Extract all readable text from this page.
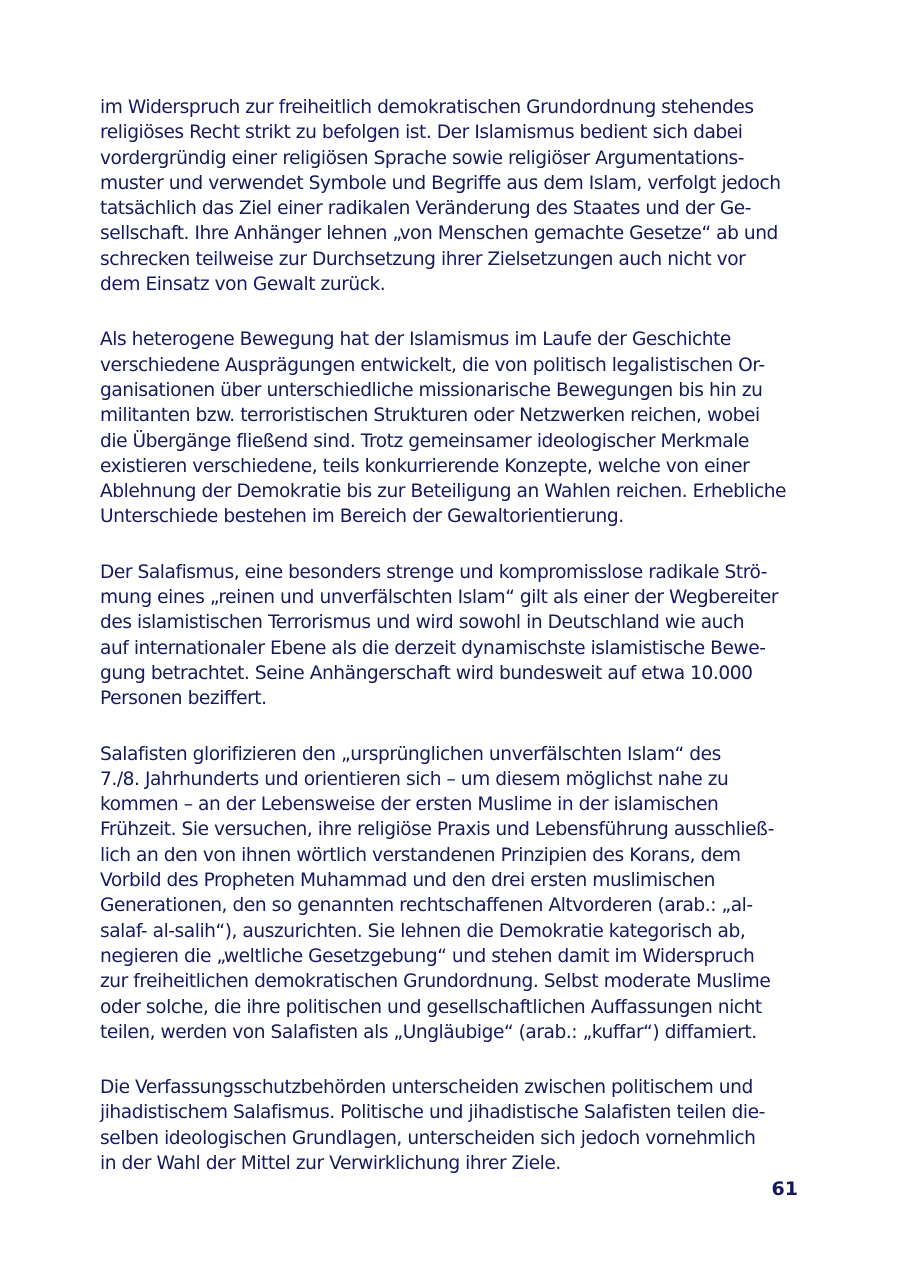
im Widerspruch zur freiheitlich demokratischen Grundordnung stehendes
religiöses Recht strikt zu befolgen ist. Der Islamismus bedient sich dabei
vordergründig einer religiösen Sprache sowie religiöser Argumentations-
muster und verwendet Symbole und Begriffe aus dem Islam, verfolgt jedoch
tatsächlich das Ziel einer radikalen Veränderung des Staates und der Ge-
sellschaft. Ihre Anhänger lehnen „von Menschen gemachte Gesetze“ ab und
schrecken teilweise zur Durchsetzung ihrer Zielsetzungen auch nicht vor
dem Einsatz von Gewalt zurück.

Als heterogene Bewegung hat der Islamismus im Laufe der Geschichte
verschiedene Ausprägungen entwickelt, die von politisch legalistischen Or-
ganisationen über unterschiedliche missionarische Bewegungen bis hin zu
militanten bzw. terroristischen Strukturen oder Netzwerken reichen, wobei
die Übergänge fließend sind. Trotz gemeinsamer ideologischer Merkmale
existieren verschiedene, teils konkurrierende Konzepte, welche von einer
Ablehnung der Demokratie bis zur Beteiligung an Wahlen reichen. Erhebliche
Unterschiede bestehen im Bereich der Gewaltorientierung.

Der Salafismus, eine besonders strenge und kompromisslose radikale Strö-
mung eines „reinen und unverfälschten Islam“ gilt als einer der Wegbereiter
des islamistischen Terrorismus und wird sowohl in Deutschland wie auch
auf internationaler Ebene als die derzeit dynamischste islamistische Bewe-
gung betrachtet. Seine Anhängerschaft wird bundesweit auf etwa 10.000
Personen beziffert.

Salafisten glorifizieren den „ursprünglichen unverfälschten Islam“ des
7./8. Jahrhunderts und orientieren sich – um diesem möglichst nahe zu
kommen – an der Lebensweise der ersten Muslime in der islamischen
Frühzeit. Sie versuchen, ihre religiöse Praxis und Lebensführung ausschließ-
lich an den von ihnen wörtlich verstandenen Prinzipien des Korans, dem
Vorbild des Propheten Muhammad und den drei ersten muslimischen
Generationen, den so genannten rechtschaffenen Altvorderen (arab.: „al-
salaf- al-salih“), auszurichten. Sie lehnen die Demokratie kategorisch ab,
negieren die „weltliche Gesetzgebung“ und stehen damit im Widerspruch
zur freiheitlichen demokratischen Grundordnung. Selbst moderate Muslime
oder solche, die ihre politischen und gesellschaftlichen Auffassungen nicht
teilen, werden von Salafisten als „Ungläubige“ (arab.: „kuffar“) diffamiert.

Die Verfassungsschutzbehörden unterscheiden zwischen politischem und
jihadistischem Salafismus. Politische und jihadistische Salafisten teilen die-
selben ideologischen Grundlagen, unterscheiden sich jedoch vornehmlich
in der Wahl der Mittel zur Verwirklichung ihrer Ziele.

61
